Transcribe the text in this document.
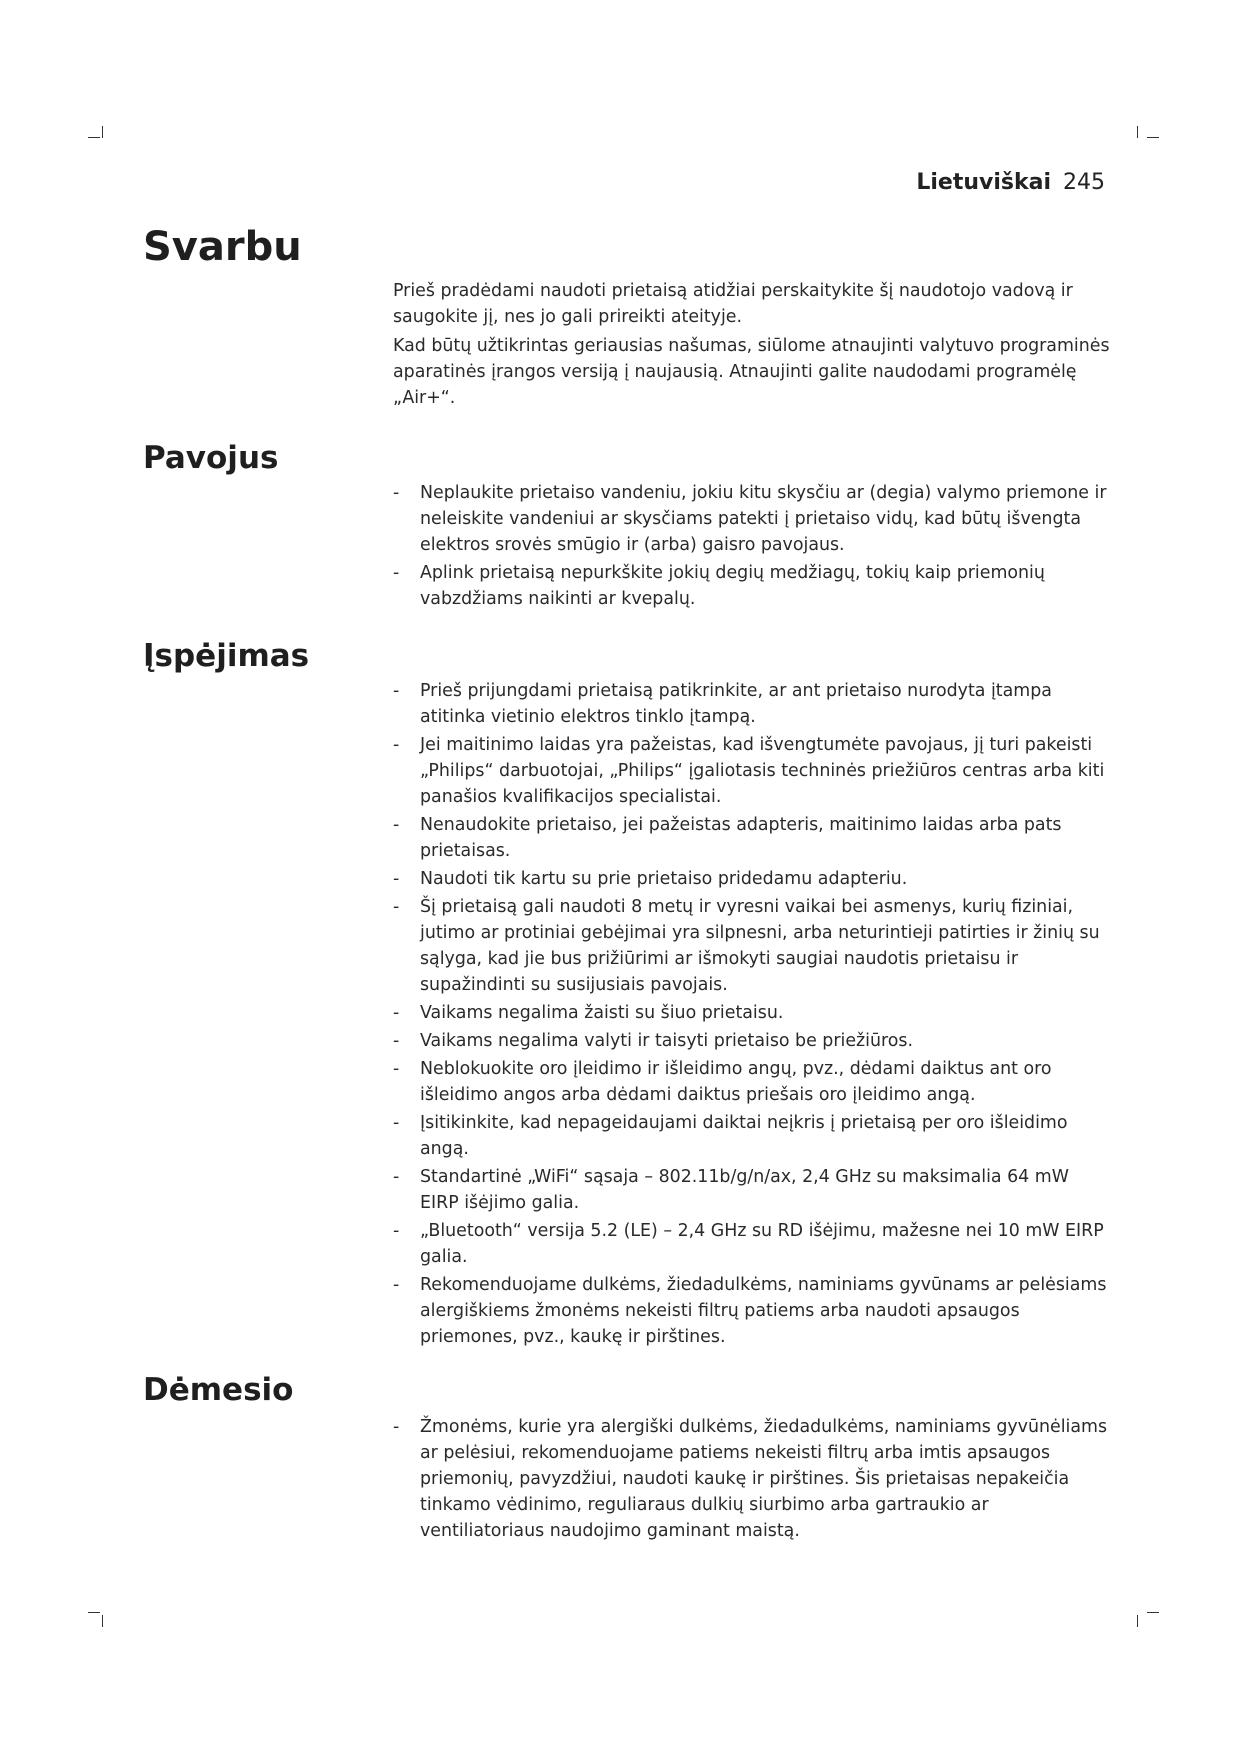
Lietuviškai 245
Svarbu

Prieš pradėdami naudoti prietaisą atidžiai perskaitykite šį naudotojo vadovą ir saugokite jį, nes jo gali prireikti ateityje.

Kad būtų užtikrintas geriausias našumas, siūlome atnaujinti valytuvo programinės aparatinės įrangos versiją į naujausią. Atnaujinti galite naudodami programėlę „Air+“.

Pavojus
- Neplaukite prietaiso vandeniu, jokiu kitu skysčiu ar (degia) valymo priemone ir neleiskite vandeniui ar skysčiams patekti į prietaiso vidų, kad būtų išvengta elektros srovės smūgio ir (arba) gaisro pavojaus.
- Aplink prietaisą nepurkškite jokių degių medžiagų, tokių kaip priemonių vabzdžiams naikinti ar kvepalų.
Įspėjimas
- Prieš prijungdami prietaisą patikrinkite, ar ant prietaiso nurodyta įtampa atitinka vietinio elektros tinklo įtampą.
- Jei maitinimo laidas yra pažeistas, kad išvengtumėte pavojaus, jį turi pakeisti „Philips“ darbuotojai, „Philips“ įgaliotasis techninės priežiūros centras arba kiti panašios kvalifikacijos specialistai.
- Nenaudokite prietaiso, jei pažeistas adapteris, maitinimo laidas arba pats prietaisas.
- Naudoti tik kartu su prie prietaiso pridedamu adapteriu.
- Šį prietaisą gali naudoti 8 metų ir vyresni vaikai bei asmenys, kurių fiziniai, jutimo ar protiniai gebėjimai yra silpnesni, arba neturintieji patirties ir žinių su sąlyga, kad jie bus prižiūrimi ar išmokyti saugiai naudotis prietaisu ir supažindinti su susijusiais pavojais.
- Vaikams negalima žaisti su šiuo prietaisu.
- Vaikams negalima valyti ir taisyti prietaiso be priežiūros.
- Neblokuokite oro įleidimo ir išleidimo angų, pvz., dėdami daiktus ant oro išleidimo angos arba dėdami daiktus priešais oro įleidimo angą.
- Įsitikinkite, kad nepageidaujami daiktai neįkris į prietaisą per oro išleidimo angą.
- Standartinė „WiFi“ sąsaja – 802.11b/g/n/ax, 2,4 GHz su maksimalia 64 mW EIRP išėjimo galia.
- „Bluetooth“ versija 5.2 (LE) – 2,4 GHz su RD išėjimu, mažesne nei 10 mW EIRP galia.
- Rekomenduojame dulkėms, žiedadulkėms, naminiams gyvūnams ar pelėsiams alergiškiems žmonėms nekeisti filtrų patiems arba naudoti apsaugos priemones, pvz., kaukę ir pirštines.
Dėmesio
- Žmonėms, kurie yra alergiški dulkėms, žiedadulkėms, naminiams gyvūnėliams ar pelėsiui, rekomenduojame patiems nekeisti filtrų arba imtis apsaugos priemonių, pavyzdžiui, naudoti kaukę ir pirštines. Šis prietaisas nepakeičia tinkamo vėdinimo, reguliaraus dulkių siurbimo arba gartraukio ar ventiliatoriaus naudojimo gaminant maistą.
